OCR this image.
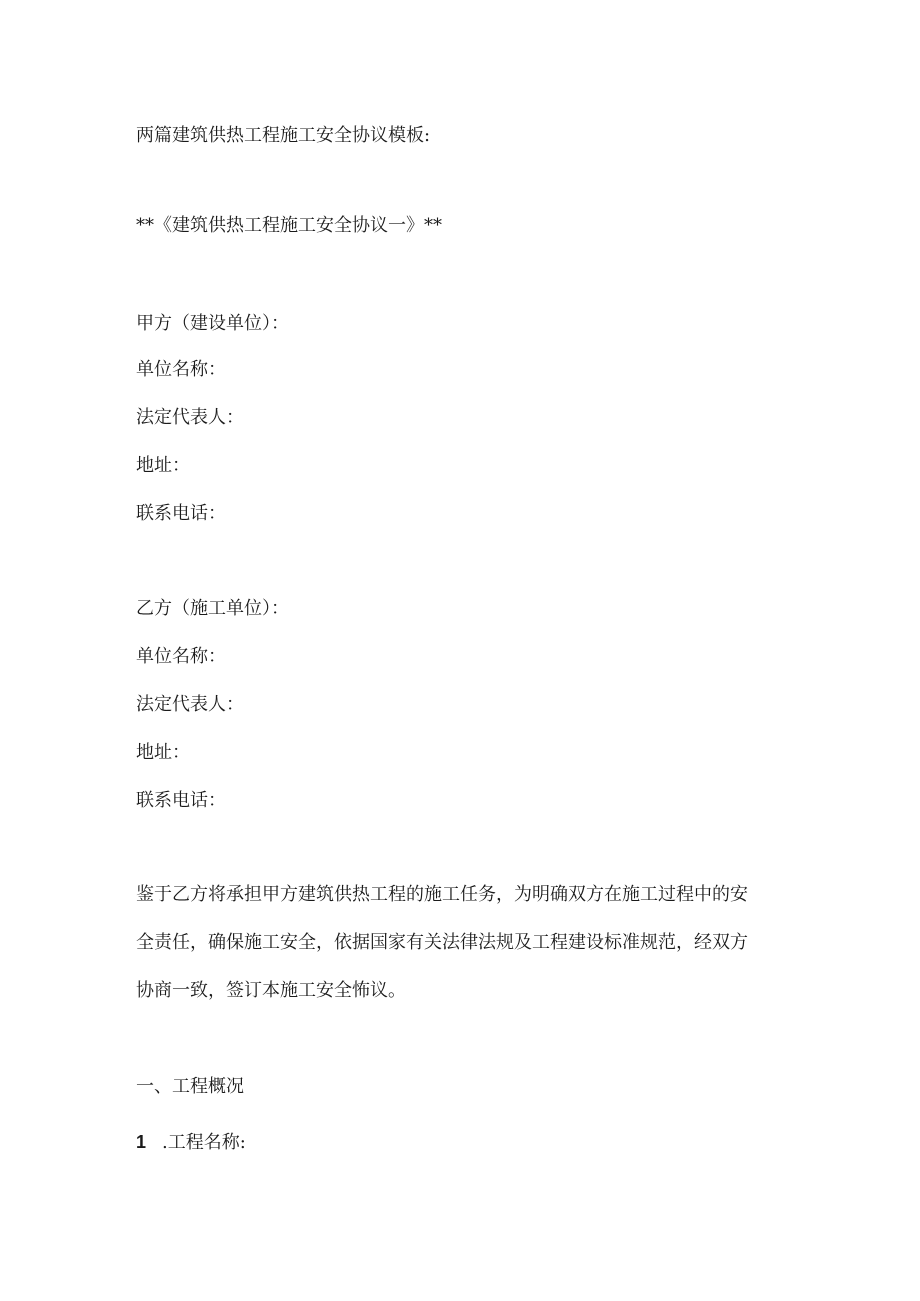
两篇建筑供热工程施工安全协议模板:
**《建筑供热工程施工安全协议一》**
甲方（建设单位）：
单位名称：
法定代表人：
地址：
联系电话：
乙方（施工单位）：
单位名称：
法定代表人：
地址：
联系电话：
鉴于乙方将承担甲方建筑供热工程的施工任务，为明确双方在施工过程中的安
全责任，确保施工安全，依据国家有关法律法规及工程建设标准规范，经双方
协商一致，签订本施工安全怖议。
一、工程概况
1 .工程名称:
